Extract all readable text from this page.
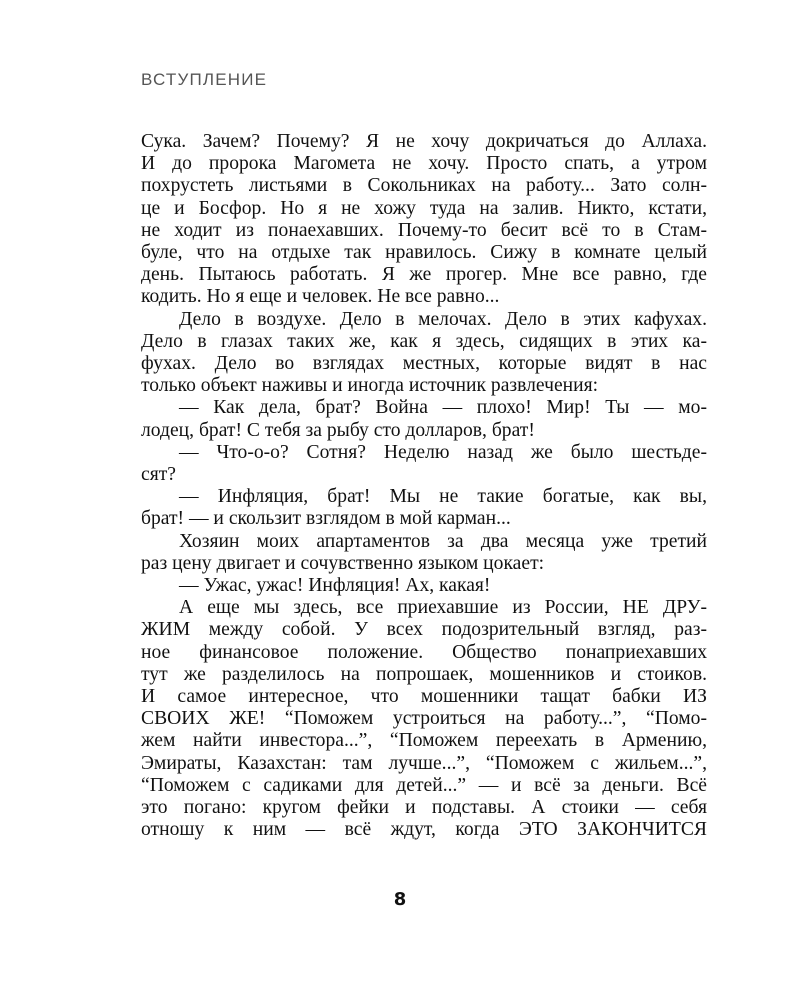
ВСТУПЛЕНИЕ
Сука. Зачем? Почему? Я не хочу докричаться до Аллаха.
И до пророка Магомета не хочу. Просто спать, а утром
похрустеть листьями в Сокольниках на работу... Зато солн-
це и Босфор. Но я не хожу туда на залив. Никто, кстати,
не ходит из понаехавших. Почему-то бесит всё то в Стам-
буле, что на отдыхе так нравилось. Сижу в комнате целый
день. Пытаюсь работать. Я же прогер. Мне все равно, где
кодить. Но я еще и человек. Не все равно...
Дело в воздухе. Дело в мелочах. Дело в этих кафухах.
Дело в глазах таких же, как я здесь, сидящих в этих ка-
фухах. Дело во взглядах местных, которые видят в нас
только объект наживы и иногда источник развлечения:
— Как дела, брат? Война — плохо! Мир! Ты — мо-
лодец, брат! С тебя за рыбу сто долларов, брат!
— Что-о-о? Сотня? Неделю назад же было шестьде-
сят?
— Инфляция, брат! Мы не такие богатые, как вы,
брат! — и скользит взглядом в мой карман...
Хозяин моих апартаментов за два месяца уже третий
раз цену двигает и сочувственно языком цокает:
— Ужас, ужас! Инфляция! Ах, какая!
А еще мы здесь, все приехавшие из России, НЕ ДРУ-
ЖИМ между собой. У всех подозрительный взгляд, раз-
ное финансовое положение. Общество понаприехавших
тут же разделилось на попрошаек, мошенников и стоиков.
И самое интересное, что мошенники тащат бабки ИЗ
СВОИХ ЖЕ! “Поможем устроиться на работу...”, “Помо-
жем найти инвестора...”, “Поможем переехать в Армению,
Эмираты, Казахстан: там лучше...”, “Поможем с жильем...”,
“Поможем с садиками для детей...” — и всё за деньги. Всё
это погано: кругом фейки и подставы. А стоики — себя
отношу к ним — всё ждут, когда ЭТО ЗАКОНЧИТСЯ
8
